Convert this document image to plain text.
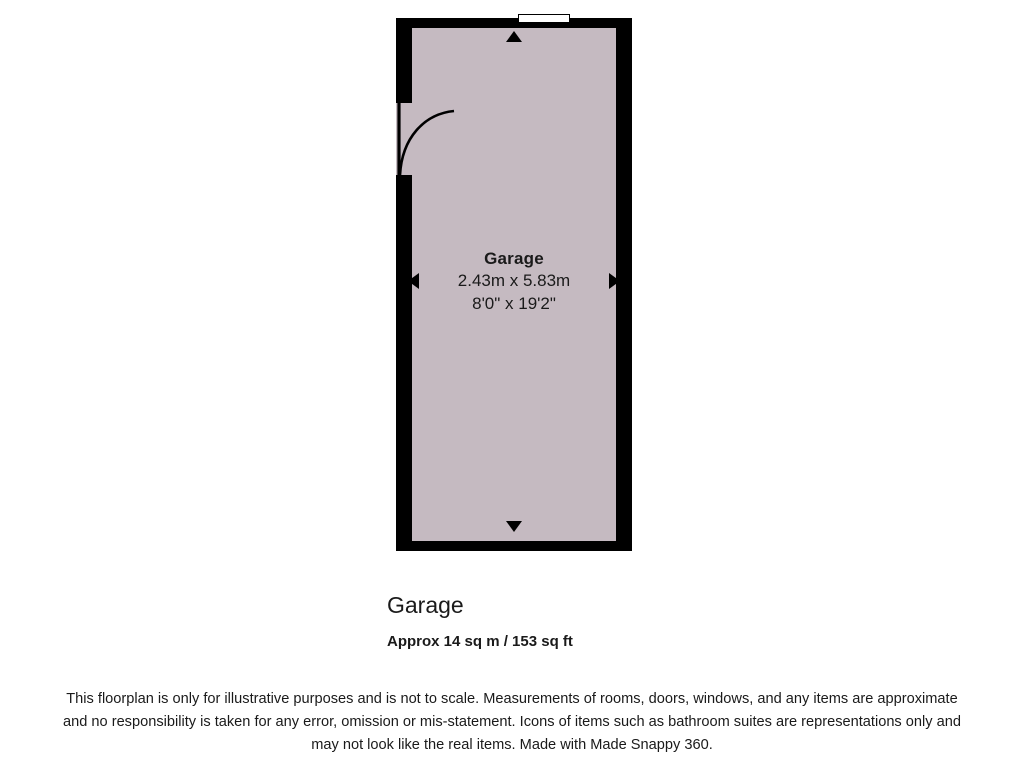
Garage
2.43m x 5.83m
8'0" x 19'2"
Garage
Approx 14 sq m / 153 sq ft
This floorplan is only for illustrative purposes and is not to scale. Measurements of rooms, doors, windows, and any items are approximate
and no responsibility is taken for any error, omission or mis-statement. Icons of items such as bathroom suites are representations only and
may not look like the real items. Made with Made Snappy 360.
